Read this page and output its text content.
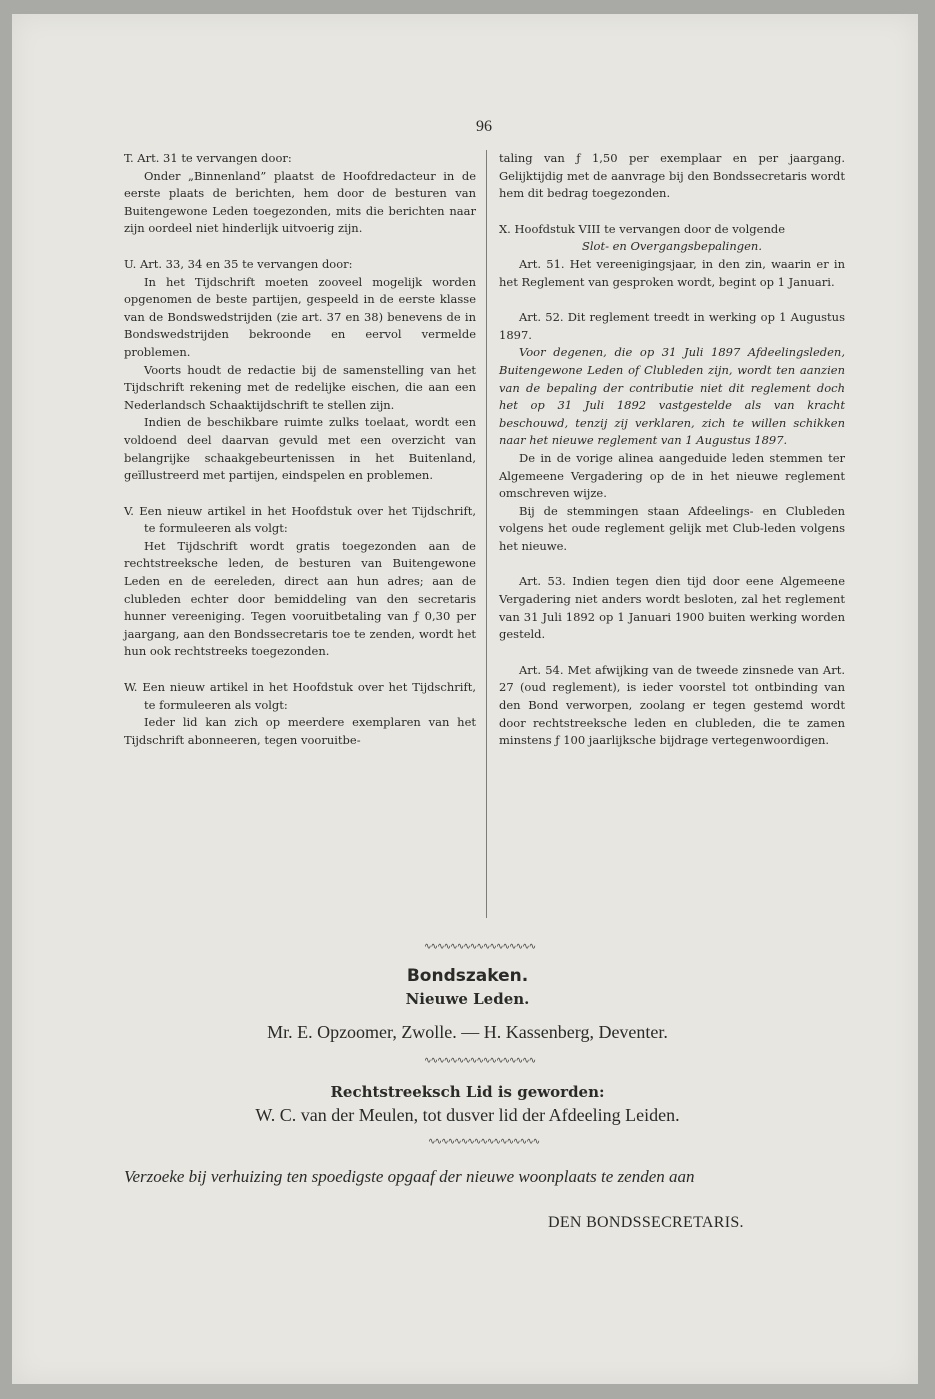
96

T. Art. 31 te vervangen door:

Onder „Binnenland” plaatst de Hoofdredacteur in de eerste plaats de berichten, hem door de besturen van Buitengewone Leden toegezonden, mits die berichten naar zijn oordeel niet hinderlijk uitvoerig zijn.

U. Art. 33, 34 en 35 te vervangen door:

In het Tijdschrift moeten zooveel mogelijk worden opgenomen de beste partijen, gespeeld in de eerste klasse van de Bondswedstrijden (zie art. 37 en 38) benevens de in Bondswedstrijden bekroonde en eervol vermelde problemen.

Voorts houdt de redactie bij de samenstelling van het Tijdschrift rekening met de redelijke eischen, die aan een Nederlandsch Schaaktijdschrift te stellen zijn.

Indien de beschikbare ruimte zulks toelaat, wordt een voldoend deel daarvan gevuld met een overzicht van belangrijke schaakgebeurtenissen in het Buitenland, geïllustreerd met partijen, eindspelen en problemen.

V. Een nieuw artikel in het Hoofdstuk over het Tijdschrift, te formuleeren als volgt:

Het Tijdschrift wordt gratis toegezonden aan de rechtstreeksche leden, de besturen van Buitengewone Leden en de eereleden, direct aan hun adres; aan de clubleden echter door bemiddeling van den secretaris hunner vereeniging. Tegen vooruitbetaling van ƒ 0,30 per jaargang, aan den Bondssecretaris toe te zenden, wordt het hun ook rechtstreeks toegezonden.

W. Een nieuw artikel in het Hoofdstuk over het Tijdschrift, te formuleeren als volgt:

Ieder lid kan zich op meerdere exemplaren van het Tijdschrift abonneeren, tegen vooruitbe-

taling van ƒ 1,50 per exemplaar en per jaargang. Gelijktijdig met de aanvrage bij den Bondssecretaris wordt hem dit bedrag toegezonden.

X. Hoofdstuk VIII te vervangen door de volgende

Slot- en Overgangsbepalingen.

Art. 51. Het vereenigingsjaar, in den zin, waarin er in het Reglement van gesproken wordt, begint op 1 Januari.

Art. 52. Dit reglement treedt in werking op 1 Augustus 1897.

Voor degenen, die op 31 Juli 1897 Afdeelingsleden, Buitengewone Leden of Clubleden zijn, wordt ten aanzien van de bepaling der contributie niet dit reglement doch het op 31 Juli 1892 vastgestelde als van kracht beschouwd, tenzij zij verklaren, zich te willen schikken naar het nieuwe reglement van 1 Augustus 1897.

De in de vorige alinea aangeduide leden stemmen ter Algemeene Vergadering op de in het nieuwe reglement omschreven wijze.

Bij de stemmingen staan Afdeelings- en Clubleden volgens het oude reglement gelijk met Club-leden volgens het nieuwe.

Art. 53. Indien tegen dien tijd door eene Algemeene Vergadering niet anders wordt besloten, zal het reglement van 31 Juli 1892 op 1 Januari 1900 buiten werking worden gesteld.

Art. 54. Met afwijking van de tweede zinsnede van Art. 27 (oud reglement), is ieder voorstel tot ontbinding van den Bond verworpen, zoolang er tegen gestemd wordt door rechtstreeksche leden en clubleden, die te zamen minstens ƒ 100 jaarlijksche bijdrage vertegenwoordigen.

∿∿∿∿∿∿∿∿∿∿∿∿∿∿∿∿∿
Bondszaken.
Nieuwe Leden.
Mr. E. Opzoomer, Zwolle. — H. Kassenberg, Deventer.
∿∿∿∿∿∿∿∿∿∿∿∿∿∿∿∿∿
Rechtstreeksch Lid is geworden:
W. C. van der Meulen, tot dusver lid der Afdeeling Leiden.
∿∿∿∿∿∿∿∿∿∿∿∿∿∿∿∿∿
Verzoeke bij verhuizing ten spoedigste opgaaf der nieuwe woonplaats te zenden aan
DEN BONDSSECRETARIS.
